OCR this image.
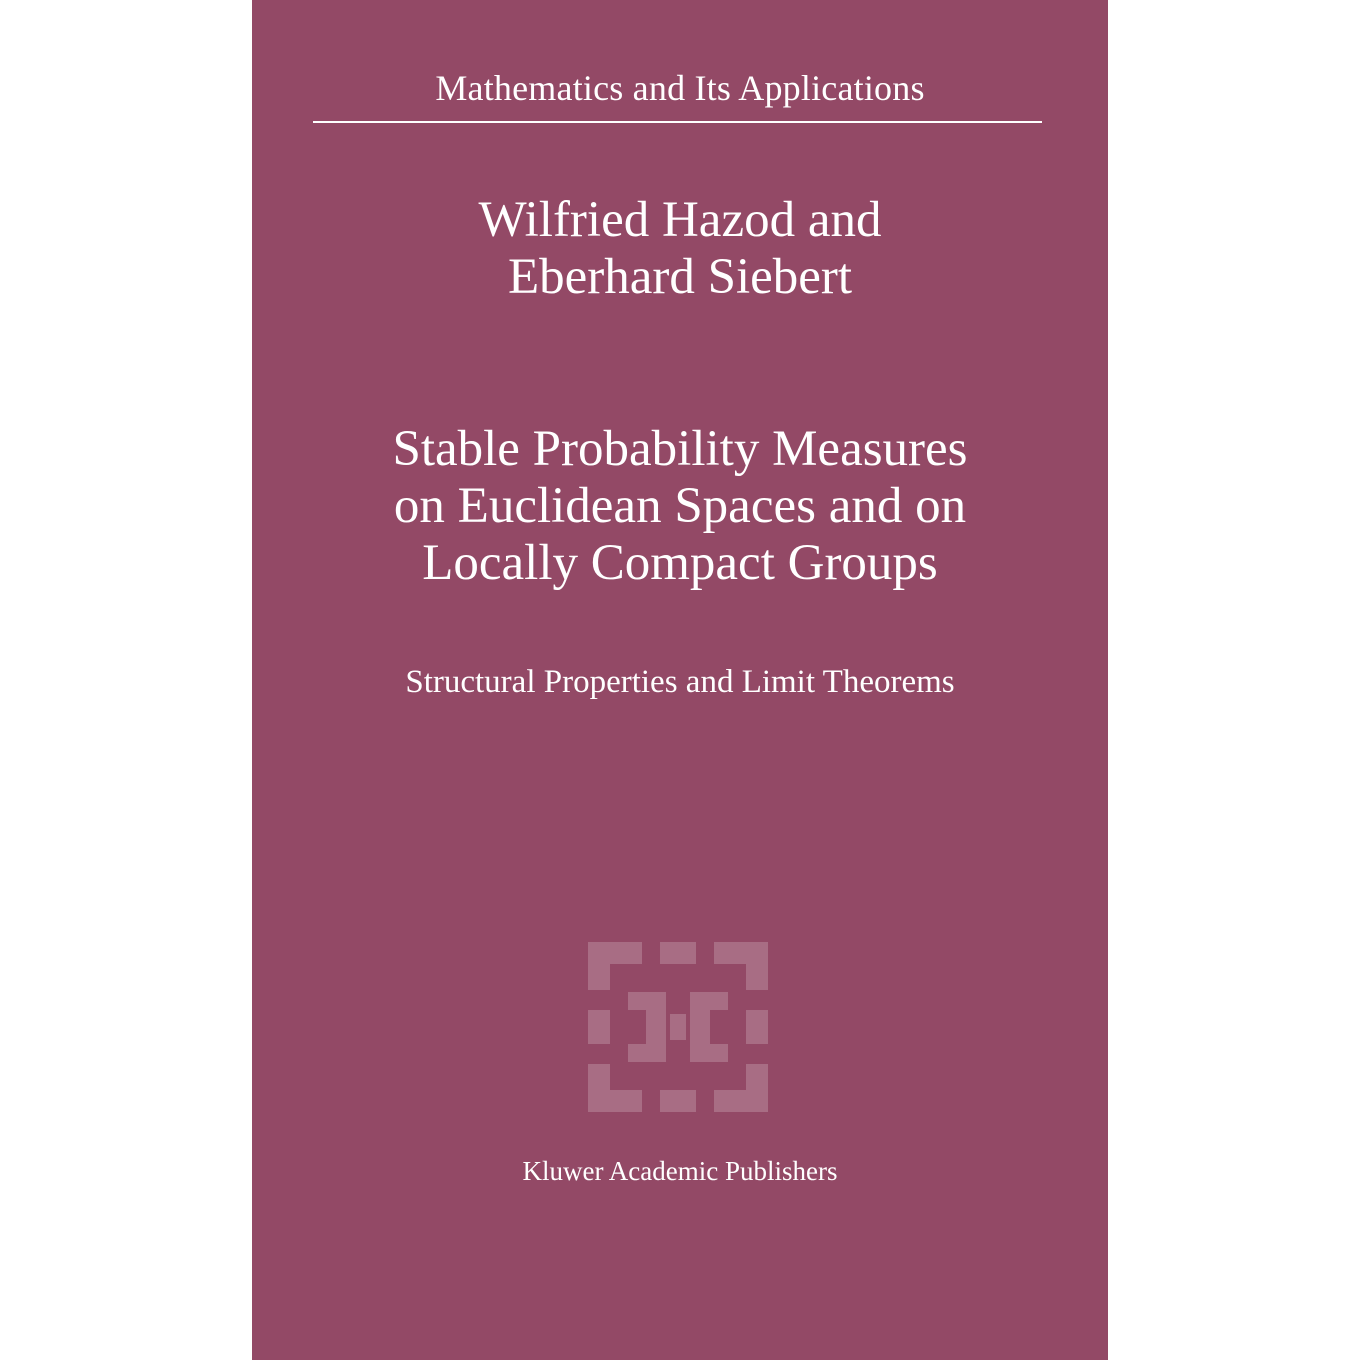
Mathematics and Its Applications
Wilfried Hazod and
Eberhard Siebert
Stable Probability Measures
on Euclidean Spaces and on
Locally Compact Groups
Structural Properties and Limit Theorems
Kluwer Academic Publishers
